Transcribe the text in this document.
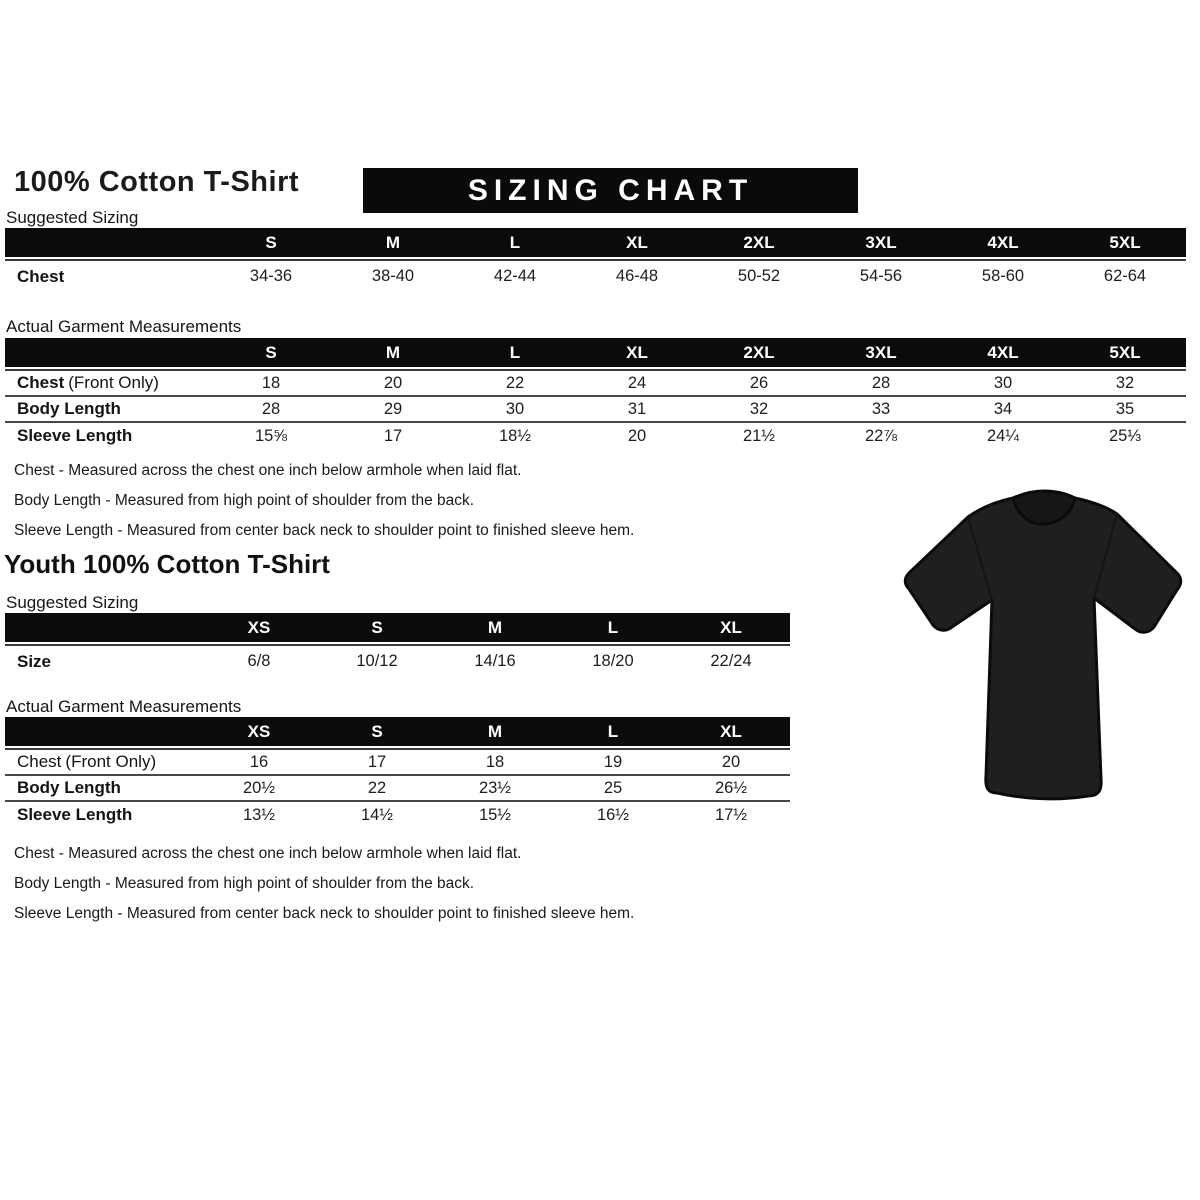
100% Cotton T-Shirt	SIZING CHART
Suggested Sizing
	S	M	L	XL	2XL	3XL	4XL	5XL

Chest	34-36	38-40	42-44	46-48	50-52	54-56	58-60	62-64
Actual Garment Measurements
	S	M	L	XL	2XL	3XL	4XL	5XL

Chest (Front Only)	18	20	22	24	26	28	30	32
Body Length	28	29	30	31	32	33	34	35
Sleeve Length	15⅝	17	18½	20	21½	22⅞	24¼	25⅓
Chest - Measured across the chest one inch below armhole when laid flat.
Body Length - Measured from high point of shoulder from the back.
Sleeve Length - Measured from center back neck to shoulder point to finished sleeve hem.
Youth 100% Cotton T-Shirt
Suggested Sizing
	XS	S	M	L	XL

Size	6/8	10/12	14/16	18/20	22/24
Actual Garment Measurements
	XS	S	M	L	XL

Chest (Front Only)	16	17	18	19	20
Body Length	20½	22	23½	25	26½
Sleeve Length	13½	14½	15½	16½	17½
Chest - Measured across the chest one inch below armhole when laid flat.
Body Length - Measured from high point of shoulder from the back.
Sleeve Length - Measured from center back neck to shoulder point to finished sleeve hem.
